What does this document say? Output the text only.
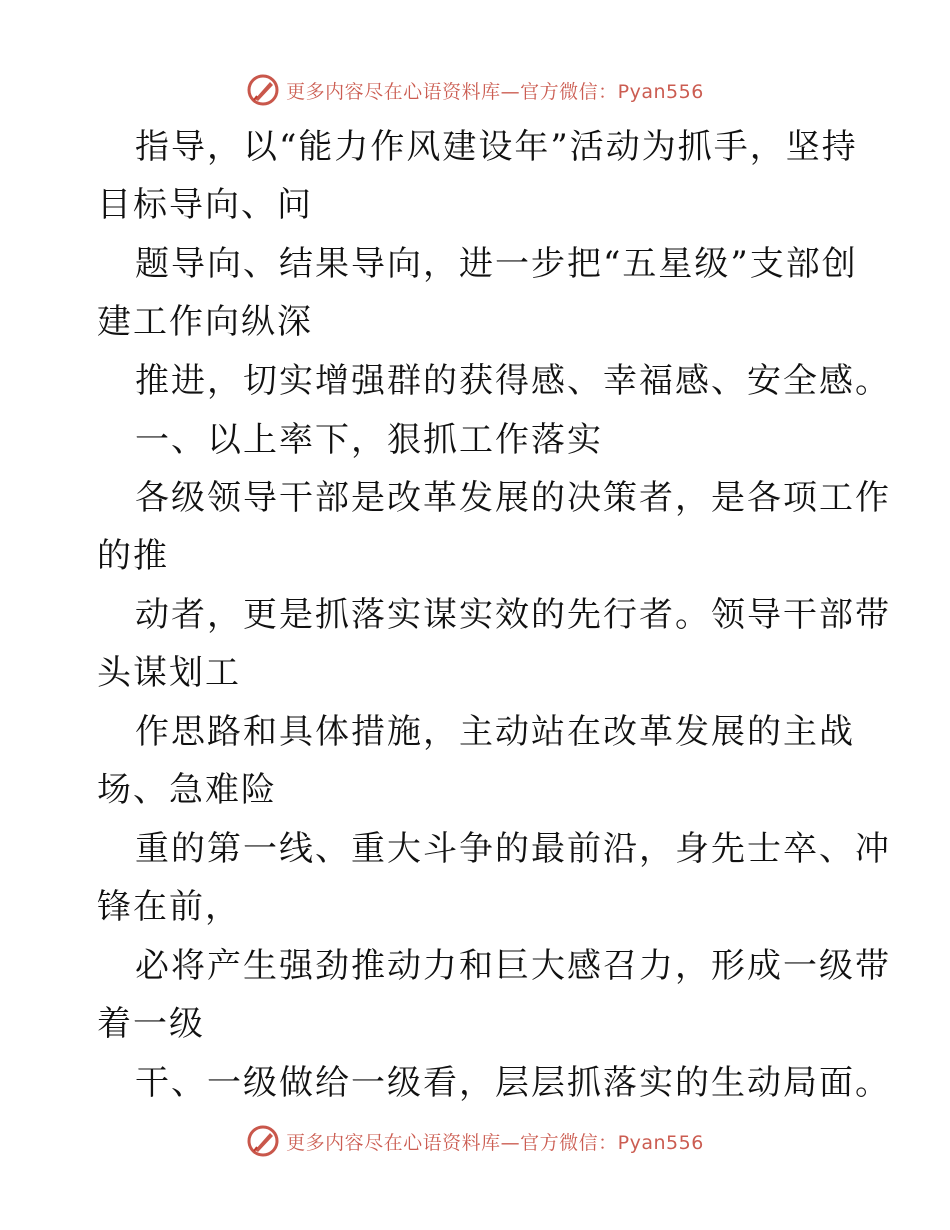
更多内容尽在心语资料库—官方微信：Pyan556
指导，以“能力作风建设年”活动为抓手，坚持
目标导向、问
题导向、结果导向，进一步把“五星级”支部创
建工作向纵深
推进，切实增强群的获得感、幸福感、安全感。
一、以上率下，狠抓工作落实
各级领导干部是改革发展的决策者，是各项工作
的推
动者，更是抓落实谋实效的先行者。领导干部带
头谋划工
作思路和具体措施，主动站在改革发展的主战
场、急难险
重的第一线、重大斗争的最前沿，身先士卒、冲
锋在前，
必将产生强劲推动力和巨大感召力，形成一级带
着一级
干、一级做给一级看，层层抓落实的生动局面。
更多内容尽在心语资料库—官方微信：Pyan556
